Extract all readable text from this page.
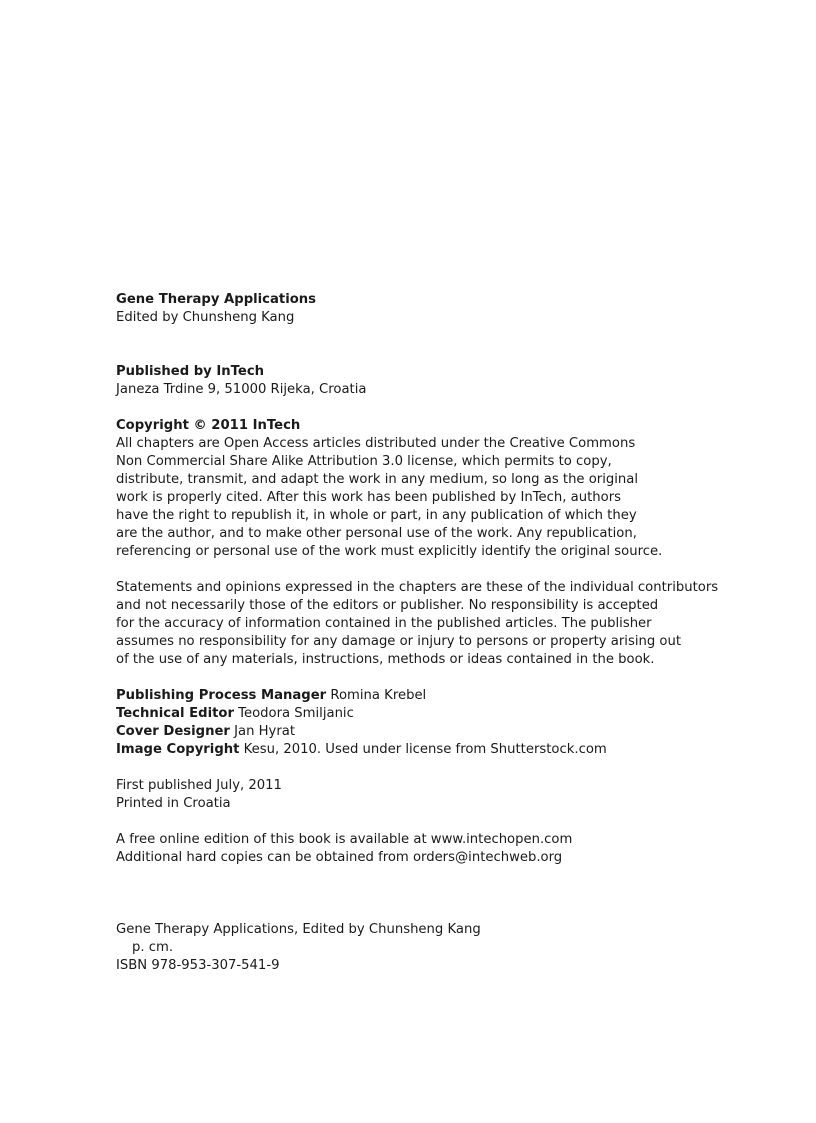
Gene Therapy Applications
Edited by Chunsheng Kang
Published by InTech
Janeza Trdine 9, 51000 Rijeka, Croatia
Copyright © 2011 InTech
All chapters are Open Access articles distributed under the Creative Commons
Non Commercial Share Alike Attribution 3.0 license, which permits to copy,
distribute, transmit, and adapt the work in any medium, so long as the original
work is properly cited. After this work has been published by InTech, authors
have the right to republish it, in whole or part, in any publication of which they
are the author, and to make other personal use of the work. Any republication,
referencing or personal use of the work must explicitly identify the original source.
Statements and opinions expressed in the chapters are these of the individual contributors
and not necessarily those of the editors or publisher. No responsibility is accepted
for the accuracy of information contained in the published articles. The publisher
assumes no responsibility for any damage or injury to persons or property arising out
of the use of any materials, instructions, methods or ideas contained in the book.
Publishing Process Manager Romina Krebel
Technical Editor Teodora Smiljanic
Cover Designer Jan Hyrat
Image Copyright Kesu, 2010. Used under license from Shutterstock.com
First published July, 2011
Printed in Croatia
A free online edition of this book is available at www.intechopen.com
Additional hard copies can be obtained from orders@intechweb.org
Gene Therapy Applications, Edited by Chunsheng Kang
p. cm.
ISBN 978-953-307-541-9
